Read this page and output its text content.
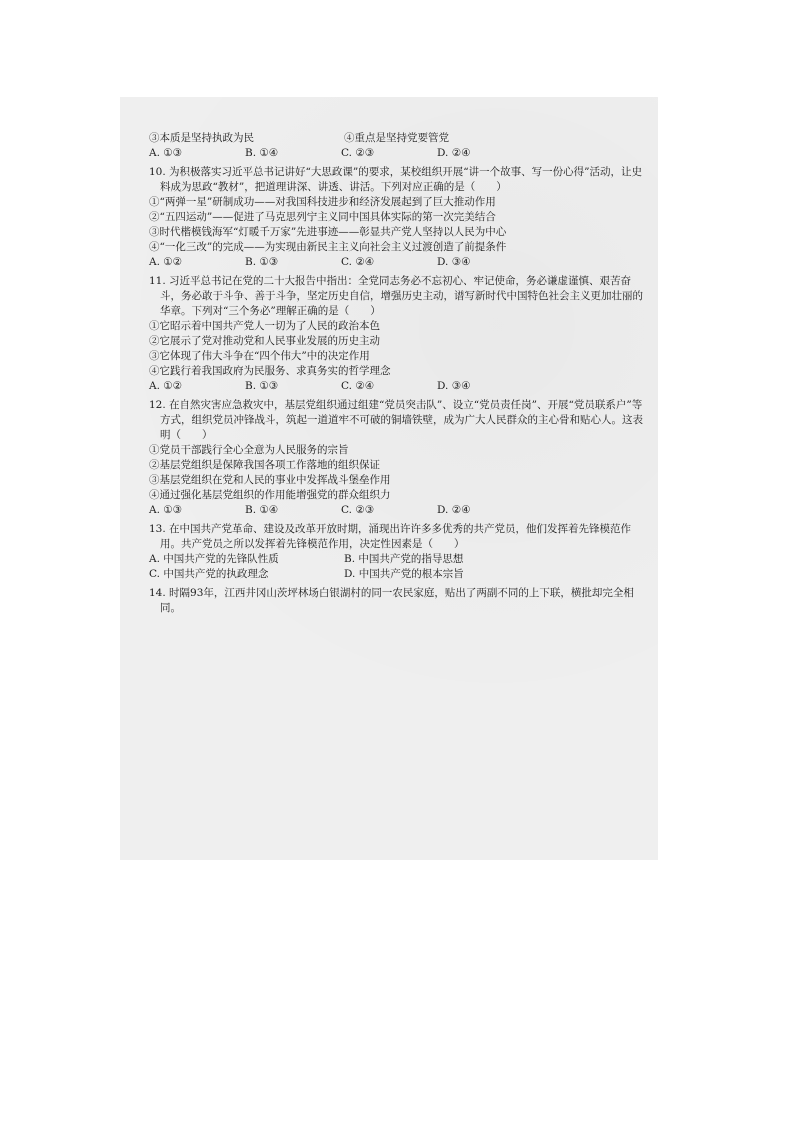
③本质是坚持执政为民	④重点是坚持党要管党
A. ①③	B. ①④	C. ②③	D. ②④
10. 为积极落实习近平总书记讲好“大思政课”的要求，某校组织开展“讲一个故事、写一份心得”活动，让史料成为思政“教材”，把道理讲深、讲透、讲活。下列对应正确的是（　　）
①“两弹一星”研制成功——对我国科技进步和经济发展起到了巨大推动作用
②“五四运动”——促进了马克思列宁主义同中国具体实际的第一次完美结合
③时代楷模钱海军“灯暖千万家”先进事迹——彰显共产党人坚持以人民为中心
④“一化三改”的完成——为实现由新民主主义向社会主义过渡创造了前提条件
A. ①②	B. ①③	C. ②④	D. ③④
11. 习近平总书记在党的二十大报告中指出：全党同志务必不忘初心、牢记使命，务必谦虚谨慎、艰苦奋斗，务必敢于斗争、善于斗争，坚定历史自信，增强历史主动，谱写新时代中国特色社会主义更加壮丽的华章。下列对“三个务必”理解正确的是（　　）
①它昭示着中国共产党人一切为了人民的政治本色
②它展示了党对推动党和人民事业发展的历史主动
③它体现了伟大斗争在“四个伟大”中的决定作用
④它践行着我国政府为民服务、求真务实的哲学理念
A. ①②	B. ①③	C. ②④	D. ③④
12. 在自然灾害应急救灾中，基层党组织通过组建“党员突击队”、设立“党员责任岗”、开展“党员联系户”等方式，组织党员冲锋战斗，筑起一道道牢不可破的铜墙铁壁，成为广大人民群众的主心骨和贴心人。这表明（　　）
①党员干部践行全心全意为人民服务的宗旨
②基层党组织是保障我国各项工作落地的组织保证
③基层党组织在党和人民的事业中发挥战斗堡垒作用
④通过强化基层党组织的作用能增强党的群众组织力
A. ①③	B. ①④	C. ②③	D. ②④
13. 在中国共产党革命、建设及改革开放时期，涌现出许许多多优秀的共产党员，他们发挥着先锋模范作用。共产党员之所以发挥着先锋模范作用，决定性因素是（　　）
A. 中国共产党的先锋队性质	B. 中国共产党的指导思想
C. 中国共产党的执政理念	D. 中国共产党的根本宗旨
14. 时隔93年，江西井冈山茨坪林场白银湖村的同一农民家庭，贴出了两副不同的上下联，横批却完全相同。
